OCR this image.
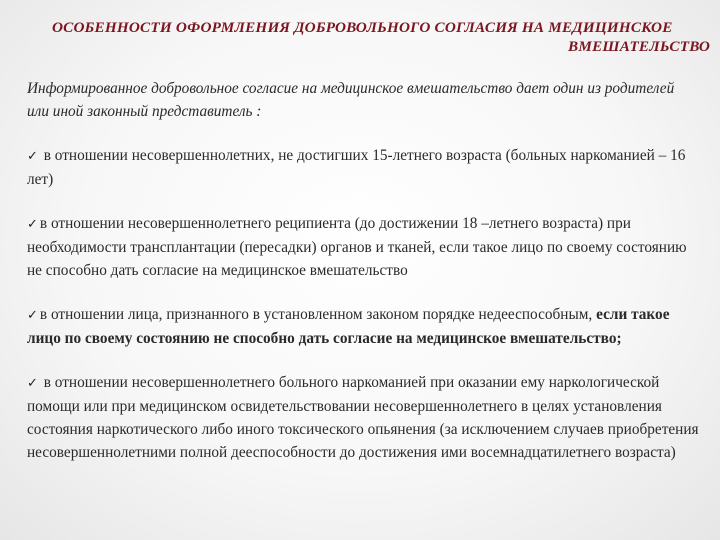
ОСОБЕННОСТИ ОФОРМЛЕНИЯ ДОБРОВОЛЬНОГО СОГЛАСИЯ НА МЕДИЦИНСКОЕ
ВМЕШАТЕЛЬСТВО

Информированное добровольное согласие на медицинское вмешательство дает один из родителей или иной законный представитель :

✓ в отношении несовершеннолетних, не достигших 15-летнего возраста (больных наркоманией – 16 лет)

✓ в отношении несовершеннолетнего реципиента (до достижении 18 –летнего возраста) при необходимости трансплантации (пересадки) органов и тканей, если такое лицо по своему состоянию не способно дать согласие на медицинское вмешательство

✓ в отношении лица, признанного в установленном законом порядке недееспособным, если такое лицо по своему состоянию не способно дать согласие на медицинское вмешательство;

✓ в отношении несовершеннолетнего больного наркоманией при оказании ему наркологической помощи или при медицинском освидетельствовании несовершеннолетнего в целях установления состояния наркотического либо иного токсического опьянения (за исключением случаев приобретения несовершеннолетними полной дееспособности до достижения ими восемнадцатилетнего возраста)
